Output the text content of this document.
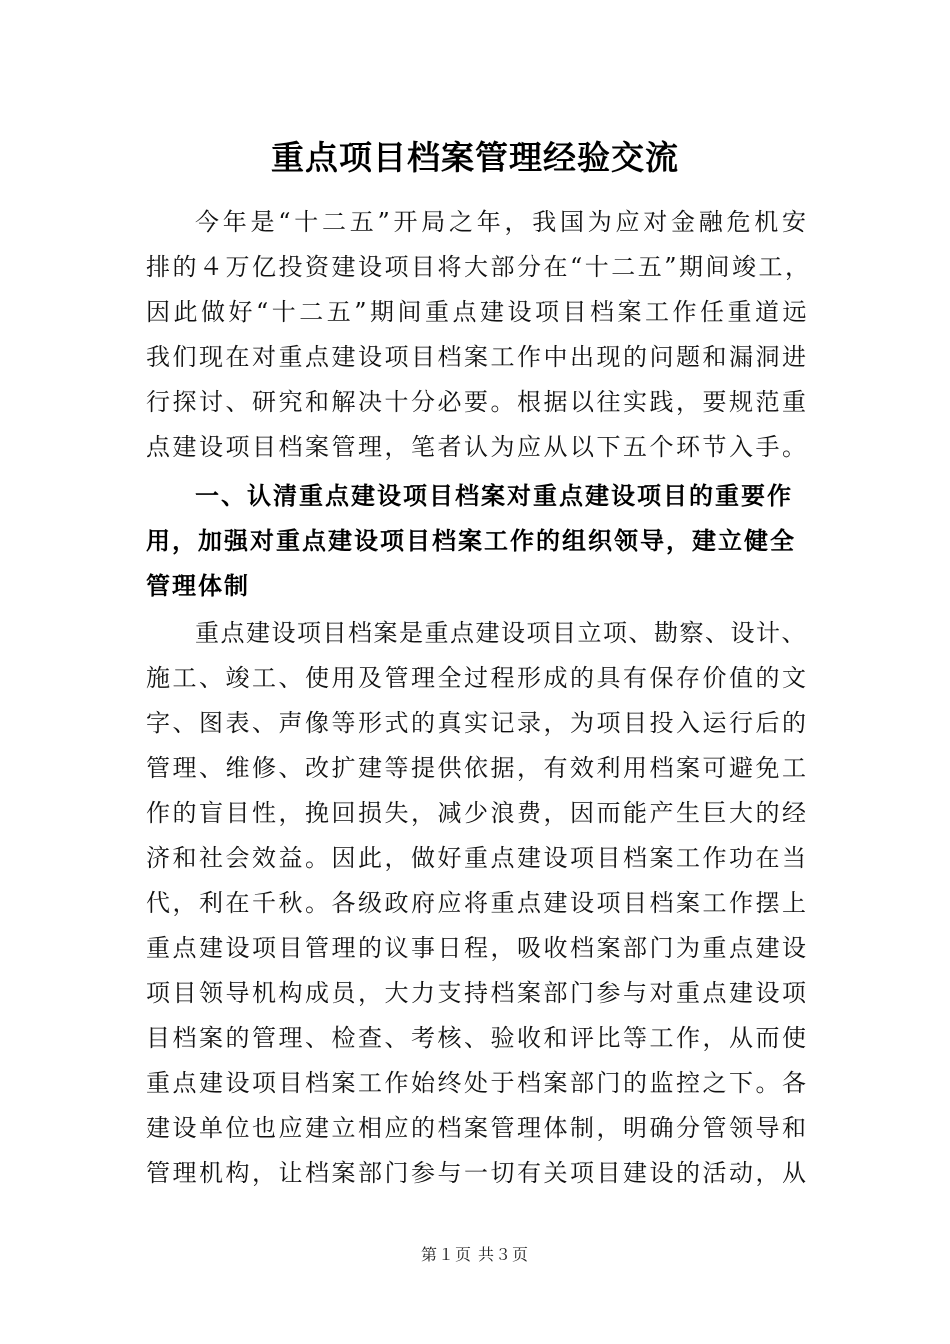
重点项目档案管理经验交流
今年是“十二五”开局之年，我国为应对金融危机安
排的４万亿投资建设项目将大部分在“十二五”期间竣工，
因此做好“十二五”期间重点建设项目档案工作任重道远
我们现在对重点建设项目档案工作中出现的问题和漏洞进
行探讨、研究和解决十分必要。根据以往实践，要规范重
点建设项目档案管理，笔者认为应从以下五个环节入手。
一、认清重点建设项目档案对重点建设项目的重要作
用，加强对重点建设项目档案工作的组织领导，建立健全
管理体制
重点建设项目档案是重点建设项目立项、勘察、设计、
施工、竣工、使用及管理全过程形成的具有保存价值的文
字、图表、声像等形式的真实记录，为项目投入运行后的
管理、维修、改扩建等提供依据，有效利用档案可避免工
作的盲目性，挽回损失，减少浪费，因而能产生巨大的经
济和社会效益。因此，做好重点建设项目档案工作功在当
代，利在千秋。各级政府应将重点建设项目档案工作摆上
重点建设项目管理的议事日程，吸收档案部门为重点建设
项目领导机构成员，大力支持档案部门参与对重点建设项
目档案的管理、检查、考核、验收和评比等工作，从而使
重点建设项目档案工作始终处于档案部门的监控之下。各
建设单位也应建立相应的档案管理体制，明确分管领导和
管理机构，让档案部门参与一切有关项目建设的活动，从
第１页 共３页
